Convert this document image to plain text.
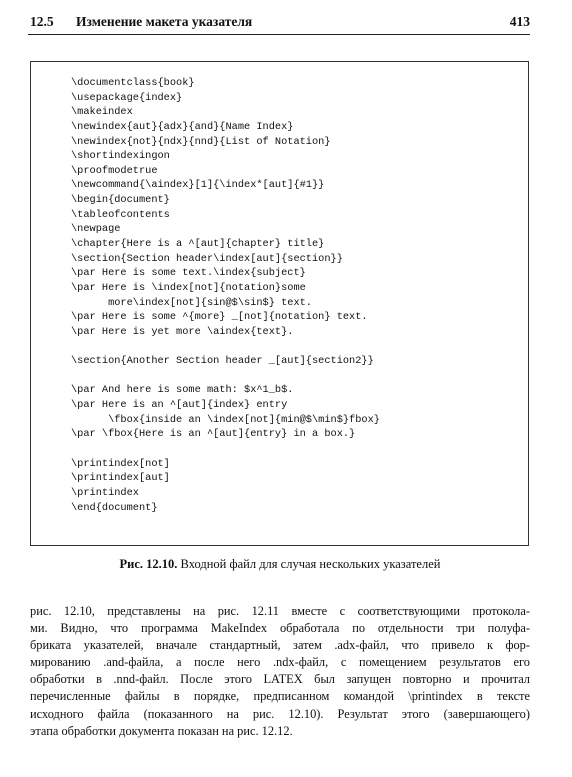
12.5 Изменение макета указателя	413
\documentclass{book}
\usepackage{index}
\makeindex
\newindex{aut}{adx}{and}{Name Index}
\newindex{not}{ndx}{nnd}{List of Notation}
\shortindexingon
\proofmodetrue
\newcommand{\aindex}[1]{\index*[aut]{#1}}
\begin{document}
\tableofcontents
\newpage
\chapter{Here is a ^[aut]{chapter} title}
\section{Section header\index[aut]{section}}
\par Here is some text.\index{subject}
\par Here is \index[not]{notation}some
more\index[not]{sin@$\sin$} text.
\par Here is some ^{more} _[not]{notation} text.
\par Here is yet more \aindex{text}.
\section{Another Section header _[aut]{section2}}
\par And here is some math: $x^1_b$.
\par Here is an ^[aut]{index} entry
\fbox{inside an \index[not]{min@$\min$}fbox}
\par \fbox{Here is an ^[aut]{entry} in a box.}
\printindex[not]
\printindex[aut]
\printindex
\end{document}
Рис. 12.10. Входной файл для случая нескольких указателей
рис. 12.10, представлены на рис. 12.11 вместе с соответствующими протокола-
ми. Видно, что программа MakeIndex обработала по отдельности три полуфа-
бриката указателей, вначале стандартный, затем .adx-файл, что привело к фор-
мированию .and-файла, а после него .ndx-файл, с помещением результатов его
обработки в .nnd-файл. После этого LATEX был запущен повторно и прочитал
перечисленные файлы в порядке, предписанном командой \printindex в тексте
исходного файла (показанного на рис. 12.10). Результат этого (завершающего)
этапа обработки документа показан на рис. 12.12.
